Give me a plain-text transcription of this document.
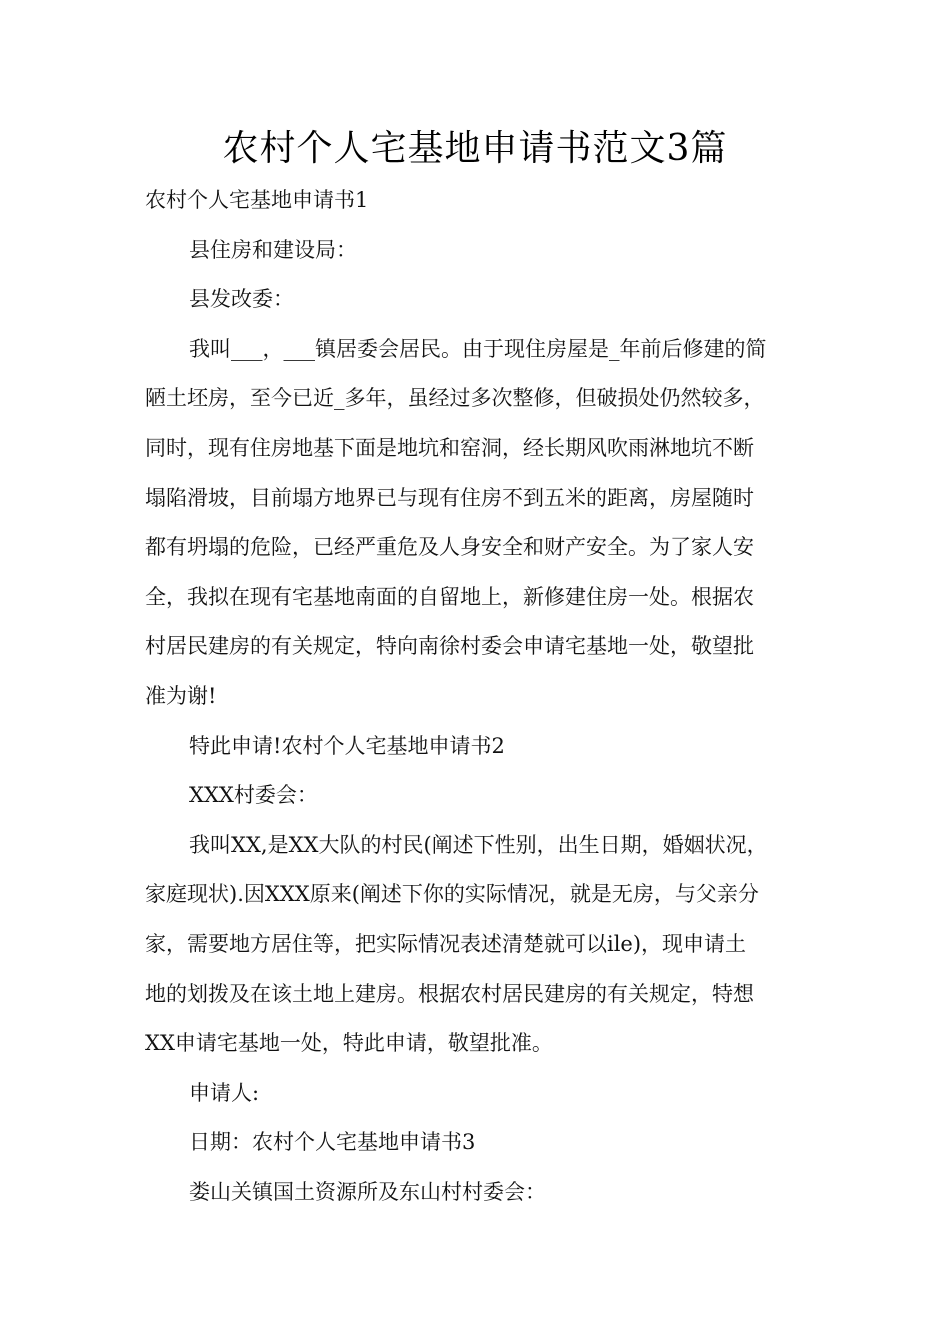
农村个人宅基地申请书范文3篇

农村个人宅基地申请书1

县住房和建设局：

县发改委：

我叫___，___镇居委会居民。由于现住房屋是_年前后修建的简

陋土坯房，至今已近_多年，虽经过多次整修，但破损处仍然较多，

同时，现有住房地基下面是地坑和窑洞，经长期风吹雨淋地坑不断

塌陷滑坡，目前塌方地界已与现有住房不到五米的距离，房屋随时

都有坍塌的危险，已经严重危及人身安全和财产安全。为了家人安

全，我拟在现有宅基地南面的自留地上，新修建住房一处。根据农

村居民建房的有关规定，特向南徐村委会申请宅基地一处，敬望批

准为谢!

特此申请!农村个人宅基地申请书2

XXX村委会：

我叫XX,是XX大队的村民(阐述下性别，出生日期，婚姻状况，

家庭现状).因XXX原来(阐述下你的实际情况，就是无房，与父亲分

家，需要地方居住等，把实际情况表述清楚就可以ile)，现申请土

地的划拨及在该土地上建房。根据农村居民建房的有关规定，特想

XX申请宅基地一处，特此申请，敬望批准。

申请人:

日期：农村个人宅基地申请书3

娄山关镇国土资源所及东山村村委会：
